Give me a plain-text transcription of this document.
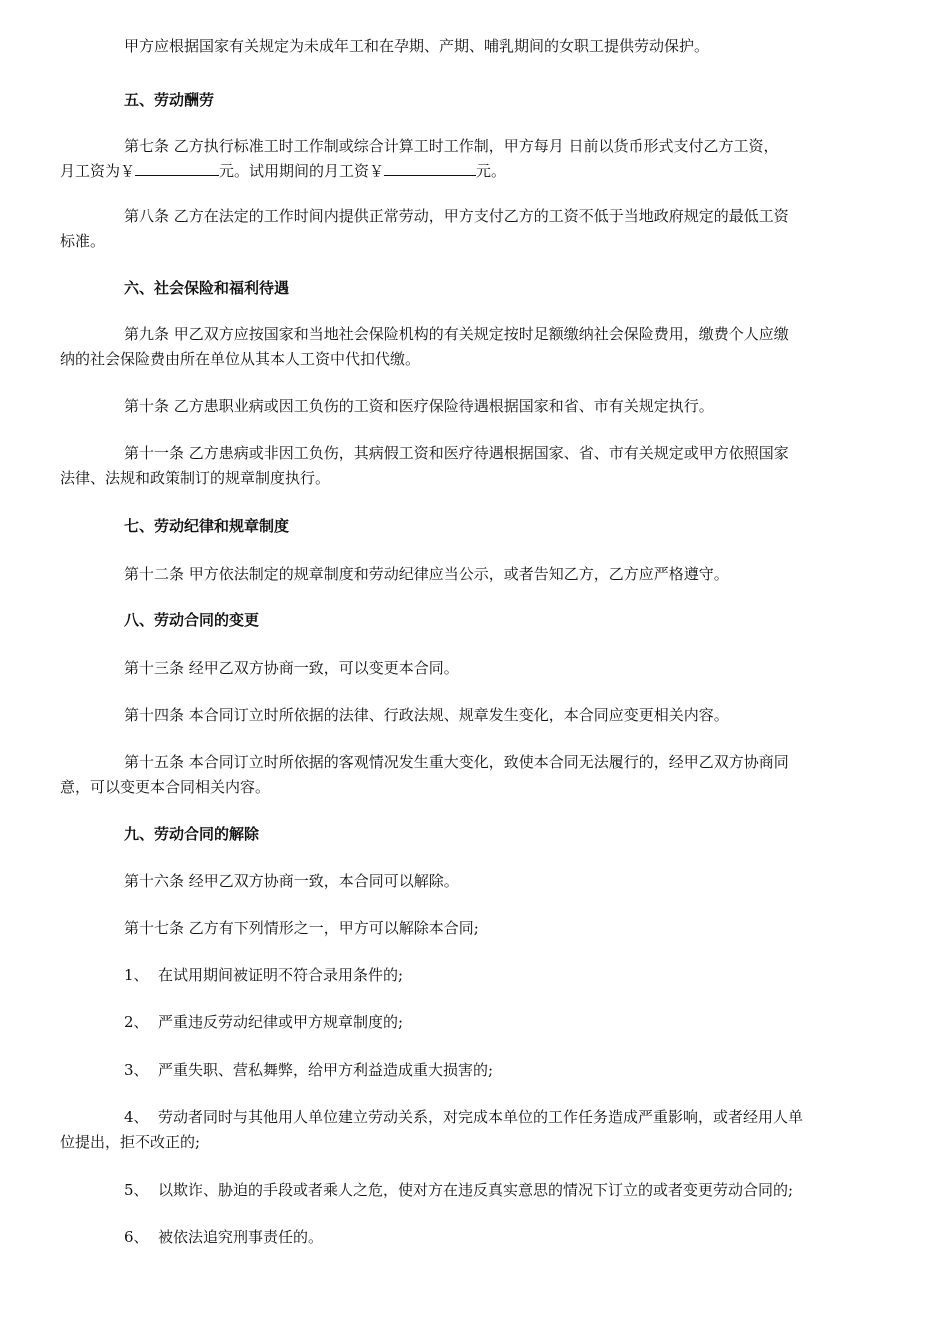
甲方应根据国家有关规定为未成年工和在孕期、产期、哺乳期间的女职工提供劳动保护。
五、劳动酬劳
第七条 乙方执行标准工时工作制或综合计算工时工作制，甲方每月 日前以货币形式支付乙方工资，
月工资为￥	元。试用期间的月工资￥	元。
第八条 乙方在法定的工作时间内提供正常劳动，甲方支付乙方的工资不低于当地政府规定的最低工资
标准。
六、社会保险和福利待遇
第九条 甲乙双方应按国家和当地社会保险机构的有关规定按时足额缴纳社会保险费用，缴费个人应缴
纳的社会保险费由所在单位从其本人工资中代扣代缴。
第十条 乙方患职业病或因工负伤的工资和医疗保险待遇根据国家和省、市有关规定执行。
第十一条 乙方患病或非因工负伤，其病假工资和医疗待遇根据国家、省、市有关规定或甲方依照国家
法律、法规和政策制订的规章制度执行。
七、劳动纪律和规章制度
第十二条 甲方依法制定的规章制度和劳动纪律应当公示，或者告知乙方，乙方应严格遵守。
八、劳动合同的变更
第十三条 经甲乙双方协商一致，可以变更本合同。
第十四条 本合同订立时所依据的法律、行政法规、规章发生变化，本合同应变更相关内容。
第十五条 本合同订立时所依据的客观情况发生重大变化，致使本合同无法履行的，经甲乙双方协商同
意，可以变更本合同相关内容。
九、劳动合同的解除
第十六条 经甲乙双方协商一致，本合同可以解除。
第十七条 乙方有下列情形之一，甲方可以解除本合同;
1、 在试用期间被证明不符合录用条件的;
2、 严重违反劳动纪律或甲方规章制度的;
3、 严重失职、营私舞弊，给甲方利益造成重大损害的;
4、 劳动者同时与其他用人单位建立劳动关系，对完成本单位的工作任务造成严重影响，或者经用人单
位提出，拒不改正的;
5、 以欺诈、胁迫的手段或者乘人之危，使对方在违反真实意思的情况下订立的或者变更劳动合同的;
6、 被依法追究刑事责任的。
